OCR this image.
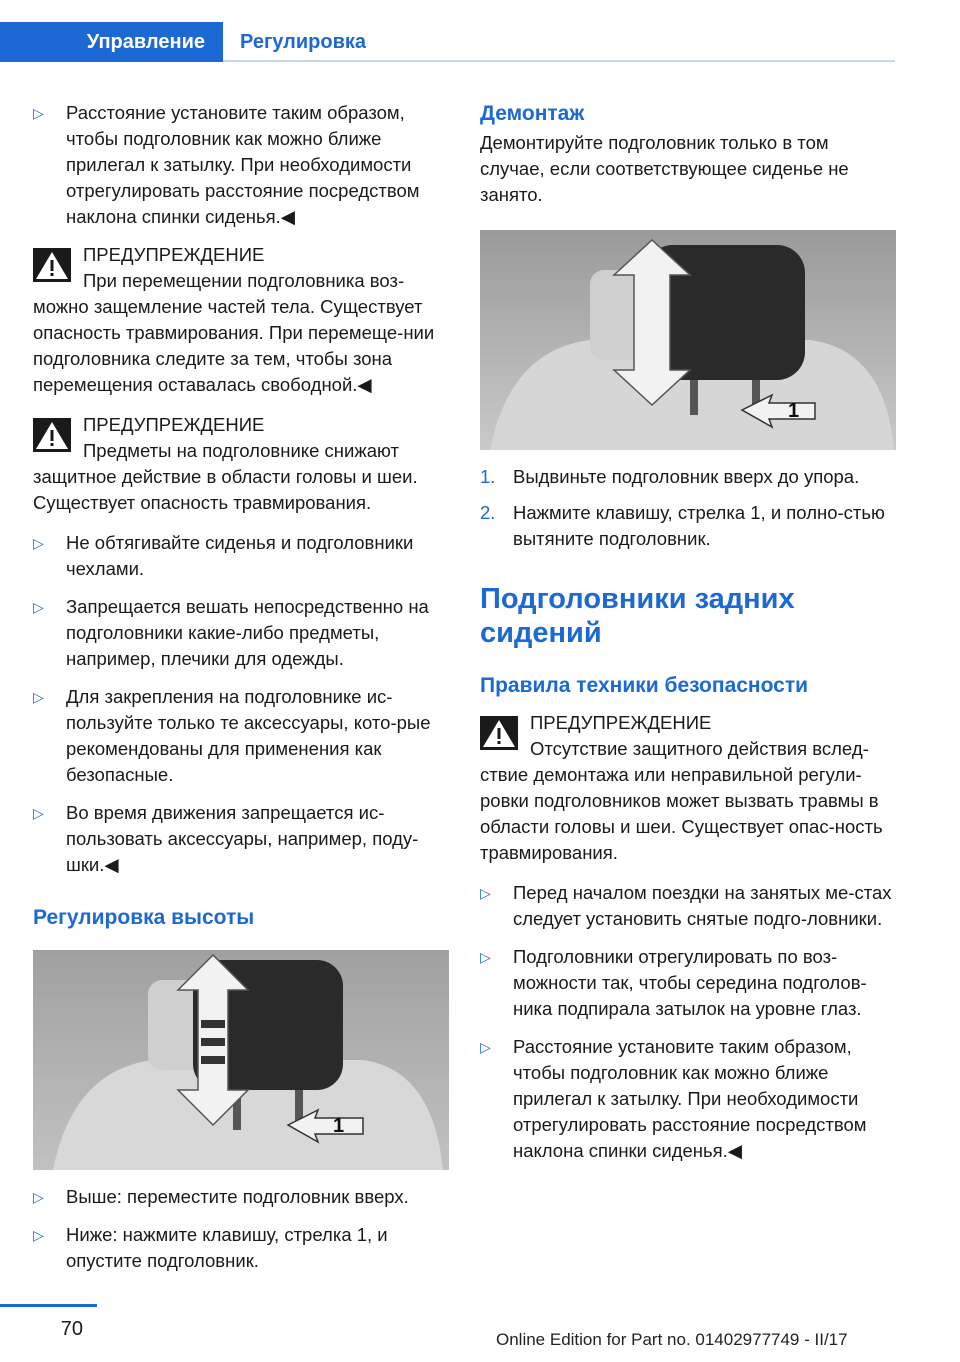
Управление	Регулировка
▷ Расстояние установите таким образом, чтобы подголовник как можно ближе прилегал к затылку. При необходимости отрегулировать расстояние посредством наклона спинки сиденья.◀
ПРЕДУПРЕЖДЕНИЕ
При перемещении подголовника воз‐
можно защемление частей тела. Существует опасность травмирования. При перемеще‐нии подголовника следите за тем, чтобы зона перемещения оставалась свободной.◀
ПРЕДУПРЕЖДЕНИЕ
Предметы на подголовнике снижают
защитное действие в области головы и шеи. Существует опасность травмирования.
▷ Не обтягивайте сиденья и подголовники чехлами.
▷ Запрещается вешать непосредственно на подголовники какие-либо предметы, например, плечики для одежды.
▷ Для закрепления на подголовнике ис‐пользуйте только те аксессуары, кото‐рые рекомендованы для применения как безопасные.
▷ Во время движения запрещается ис‐пользовать аксессуары, например, поду‐шки.◀
Регулировка высоты
1
▷ Выше: переместите подголовник вверх.
▷ Ниже: нажмите клавишу, стрелка 1, и опустите подголовник.
Демонтаж
Демонтируйте подголовник только в том случае, если соответствующее сиденье не занято.
1
1. Выдвиньте подголовник вверх до упора.
2. Нажмите клавишу, стрелка 1, и полно‐стью вытяните подголовник.
Подголовники задних сидений
Правила техники безопасности
ПРЕДУПРЕЖДЕНИЕ
Отсутствие защитного действия вслед‐
ствие демонтажа или неправильной регули‐ровки подголовников может вызвать травмы в области головы и шеи. Существует опас‐ность травмирования.
▷ Перед началом поездки на занятых ме‐стах следует установить снятые подго‐ловники.
▷ Подголовники отрегулировать по воз‐можности так, чтобы середина подголов‐ника подпирала затылок на уровне глаз.
▷ Расстояние установите таким образом, чтобы подголовник как можно ближе прилегал к затылку. При необходимости отрегулировать расстояние посредством наклона спинки сиденья.◀
70	Online Edition for Part no. 01402977749 - II/17
